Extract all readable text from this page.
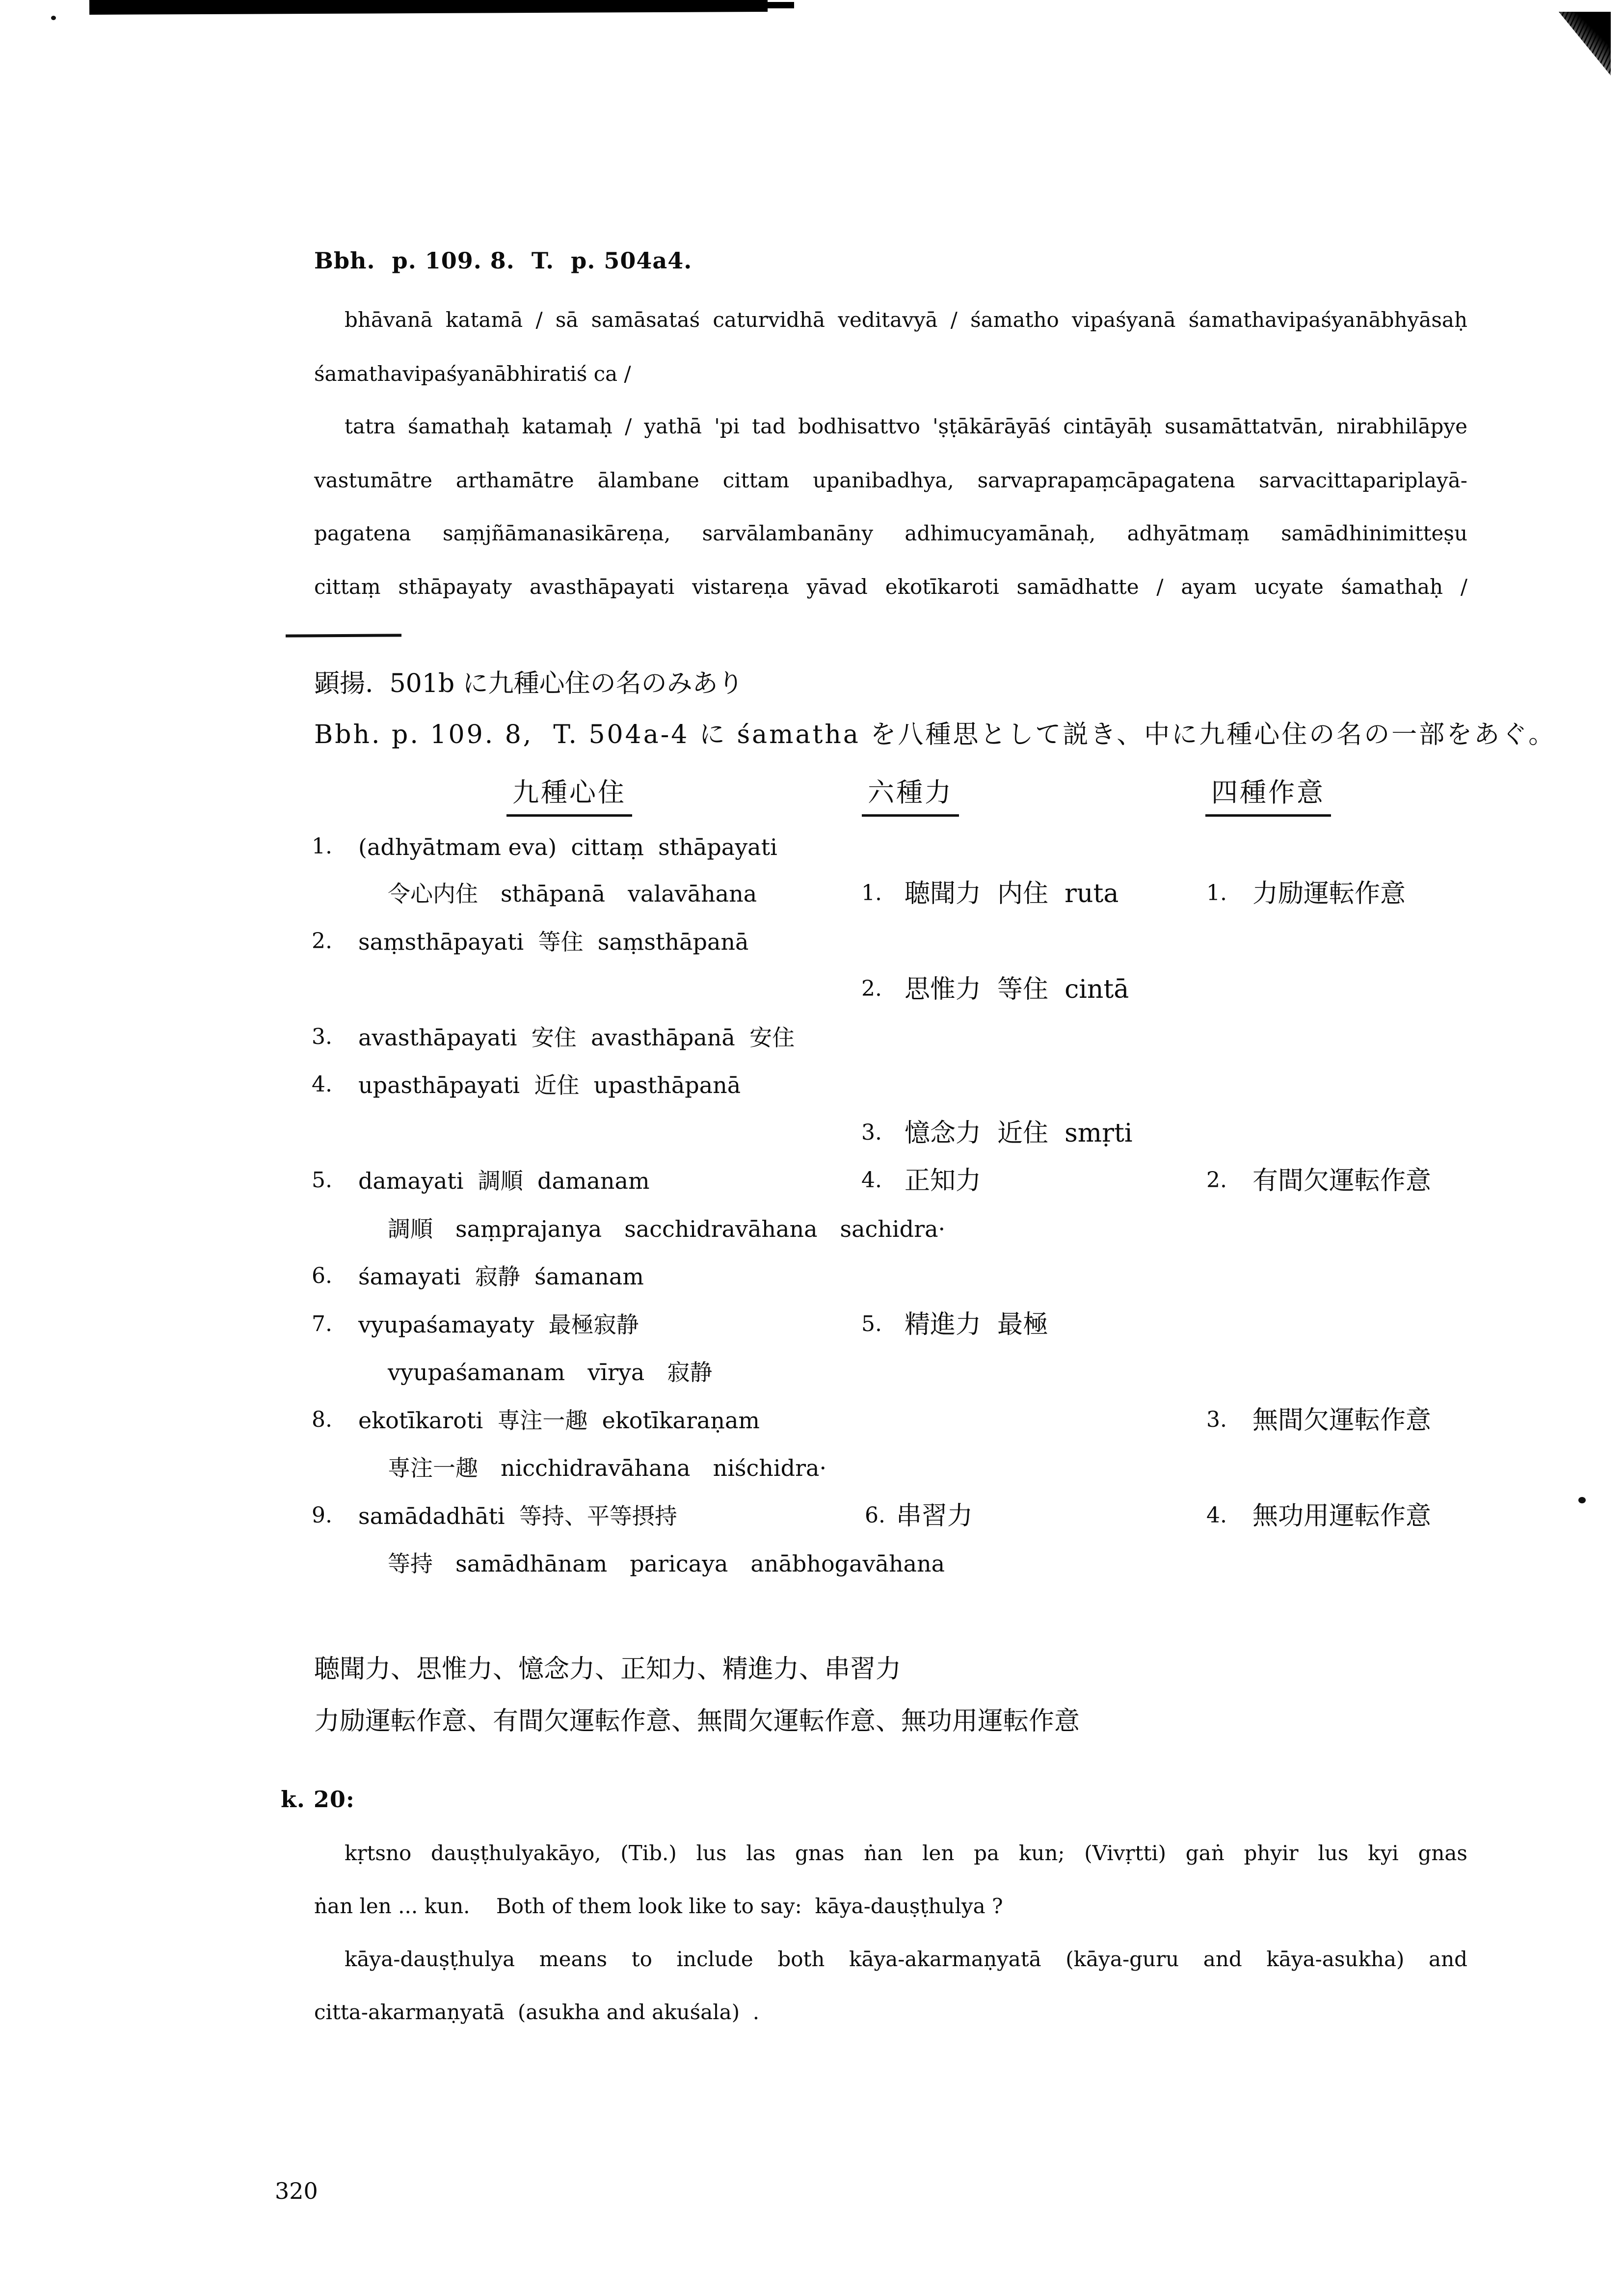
Bbh.  p. 109. 8.  T.  p. 504a4.
bhāvanā katamā / sā samāsataś caturvidhā veditavyā / śamatho vipaśyanā śamathavipaśyanābhyāsaḥ
śamathavipaśyanābhiratiś ca /
tatra śamathaḥ katamaḥ / yathā 'pi tad bodhisattvo 'ṣṭākārāyāś cintāyāḥ susamāttatvān, nirabhilāpye
vastumātre arthamātre ālambane cittam upanibadhya, sarvaprapaṃcāpagatena sarvacittapariplayā-
pagatena saṃjñāmanasikāreṇa, sarvālambanāny adhimucyamānaḥ, adhyātmaṃ samādhinimitteṣu
cittaṃ sthāpayaty avasthāpayati vistareṇa yāvad ekotīkaroti samādhatte / ayam ucyate śamathaḥ /
顕揚.  501b に九種心住の名のみあり
Bbh. p. 109. 8,  T. 504a-4 に śamatha を八種思として説き、中に九種心住の名の一部をあぐ。
九種心住	六種力	四種作意
1. (adhyātmam eva)  cittaṃ  sthāpayati
令心内住　sthāpanā　valavāhana
2. saṃsthāpayati  等住  saṃsthāpanā
3. avasthāpayati  安住  avasthāpanā  安住
4. upasthāpayati  近住  upasthāpanā
5. damayati  調順  damanam
調順　saṃprajanya　sacchidravāhana　sachidra·
6. śamayati  寂静  śamanam
7. vyupaśamayaty  最極寂静
vyupaśamanam　vīrya　寂静
8. ekotīkaroti  専注一趣  ekotīkaraṇam
専注一趣　nicchidravāhana　niśchidra·
9. samādadhāti  等持、平等摂持
等持　samādhānam　paricaya　anābhogavāhana
1. 聴聞力  内住  ruta
2. 思惟力  等住  cintā
3. 憶念力  近住  smṛti
4. 正知力
5. 精進力  最極
6. 串習力
1. 力励運転作意
2. 有間欠運転作意
3. 無間欠運転作意
4. 無功用運転作意
聴聞力、思惟力、憶念力、正知力、精進力、串習力
力励運転作意、有間欠運転作意、無間欠運転作意、無功用運転作意
k. 20:
kṛtsno dauṣṭhulyakāyo, (Tib.) lus las gnas ṅan len pa kun; (Vivṛtti) gaṅ phyir lus kyi gnas
ṅan len ... kun.    Both of them look like to say:  kāya-dauṣṭhulya ?
kāya-dauṣṭhulya means to include both kāya-akarmaṇyatā (kāya-guru and kāya-asukha) and
citta-akarmaṇyatā  (asukha and akuśala)  .
320
